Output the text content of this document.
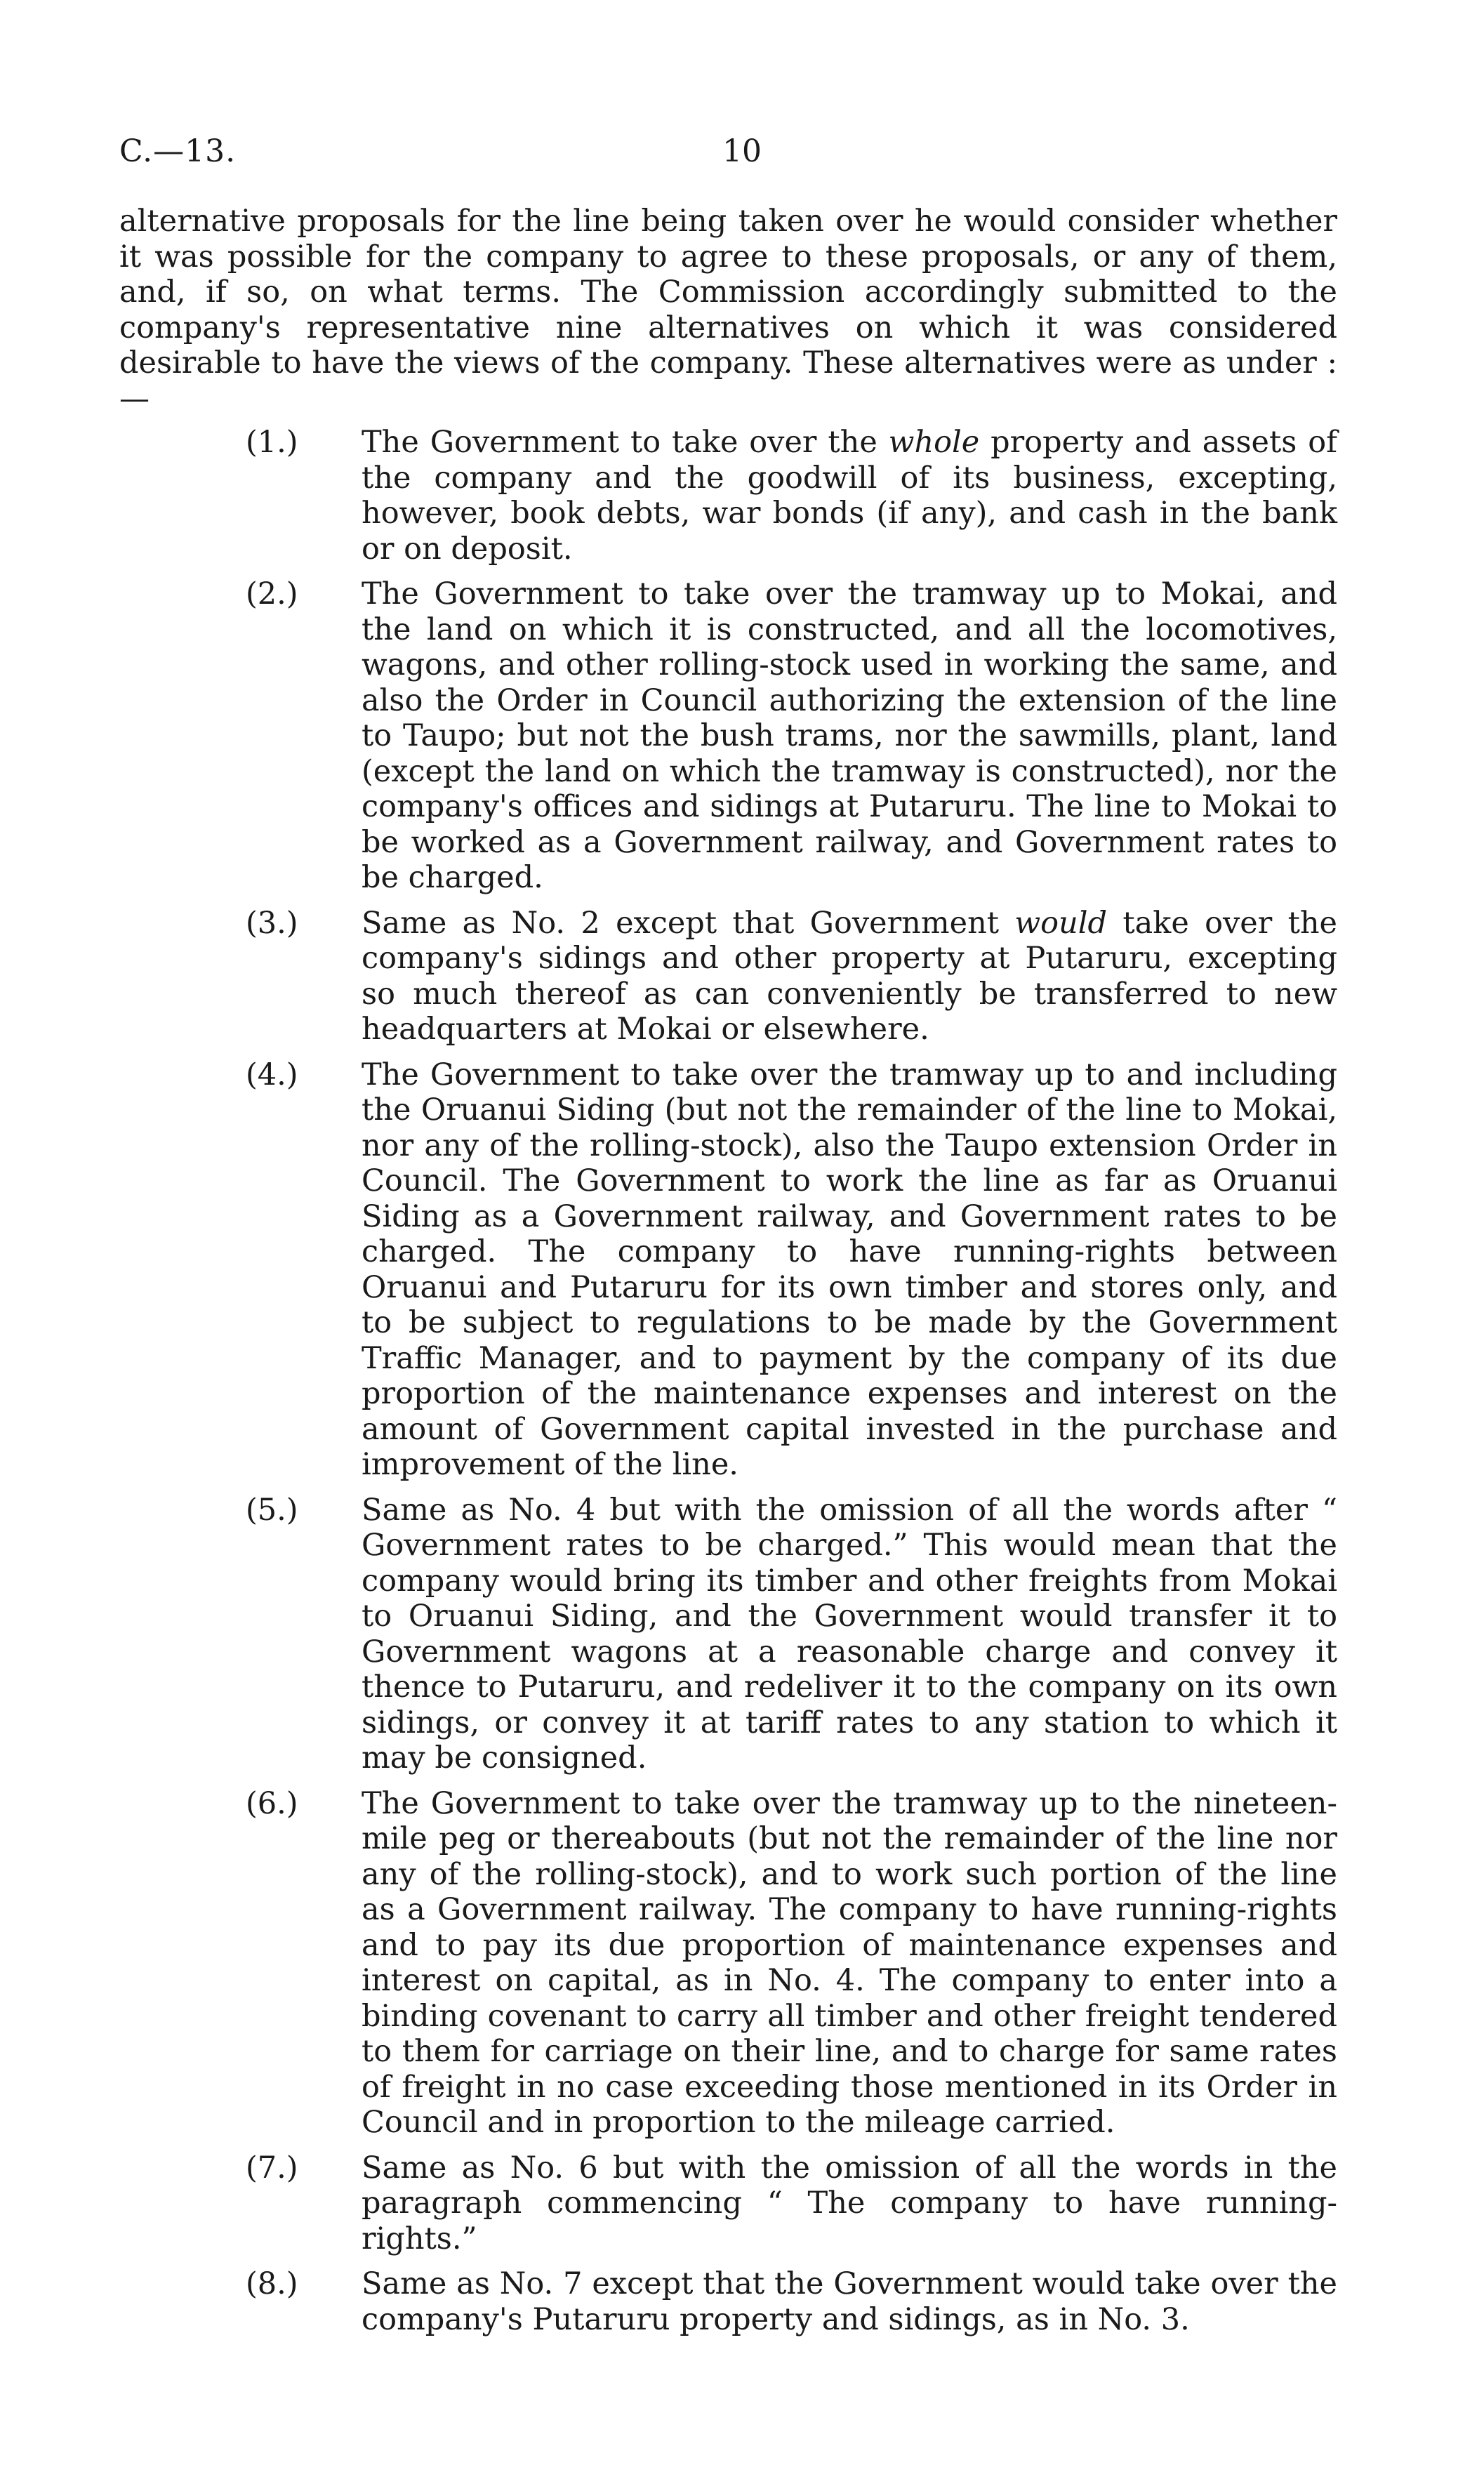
C.—13.	10

alternative proposals for the line being taken over he would consider whether it was possible for the company to agree to these proposals, or any of them, and, if so, on what terms. The Commission accordingly submitted to the company's representative nine alternatives on which it was considered desirable to have the views of the company. These alternatives were as under :—

(1.)	The Government to take over the whole property and assets of the company and the goodwill of its business, excepting, however, book debts, war bonds (if any), and cash in the bank or on deposit.
(2.)	The Government to take over the tramway up to Mokai, and the land on which it is constructed, and all the locomotives, wagons, and other rolling-stock used in working the same, and also the Order in Council authorizing the extension of the line to Taupo; but not the bush trams, nor the sawmills, plant, land (except the land on which the tramway is constructed), nor the company's offices and sidings at Putaruru. The line to Mokai to be worked as a Government railway, and Government rates to be charged.
(3.)	Same as No. 2 except that Government would take over the company's sidings and other property at Putaruru, excepting so much thereof as can conveniently be transferred to new headquarters at Mokai or elsewhere.
(4.)	The Government to take over the tramway up to and including the Oruanui Siding (but not the remainder of the line to Mokai, nor any of the rolling-stock), also the Taupo extension Order in Council. The Government to work the line as far as Oruanui Siding as a Government railway, and Government rates to be charged. The company to have running-rights between Oruanui and Putaruru for its own timber and stores only, and to be subject to regulations to be made by the Government Traffic Manager, and to payment by the company of its due proportion of the maintenance expenses and interest on the amount of Government capital invested in the purchase and improvement of the line.
(5.)	Same as No. 4 but with the omission of all the words after “ Government rates to be charged.” This would mean that the company would bring its timber and other freights from Mokai to Oruanui Siding, and the Government would transfer it to Government wagons at a reasonable charge and convey it thence to Putaruru, and redeliver it to the company on its own sidings, or convey it at tariff rates to any station to which it may be consigned.
(6.)	The Government to take over the tramway up to the nineteen-mile peg or thereabouts (but not the remainder of the line nor any of the rolling-stock), and to work such portion of the line as a Government railway. The company to have running-rights and to pay its due proportion of maintenance expenses and interest on capital, as in No. 4. The company to enter into a binding covenant to carry all timber and other freight tendered to them for carriage on their line, and to charge for same rates of freight in no case exceeding those mentioned in its Order in Council and in proportion to the mileage carried.
(7.)	Same as No. 6 but with the omission of all the words in the paragraph commencing “ The company to have running-rights.”
(8.)	Same as No. 7 except that the Government would take over the company's Putaruru property and sidings, as in No. 3.
